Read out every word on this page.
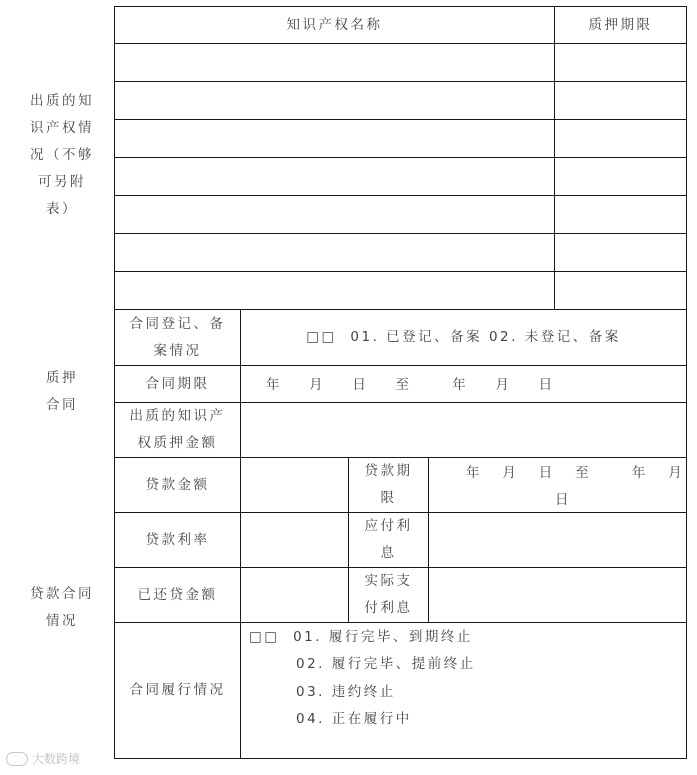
出质的知
识产权情
况（不够
可另附
表）
质押
合同
贷款合同
情况
知识产权名称	质押期限
合同登记、备
案情况
□□  01. 已登记、备案 02. 未登记、备案
合同期限	年    月    日    至      年    月    日
出质的知识产
权质押金额
贷款金额
贷款期
限
年   月   日   至      年   月
日
贷款利率
应付利
息
已还贷金额
实际支
付利息
合同履行情况
□□  01. 履行完毕、到期终止
02. 履行完毕、提前终止
03. 违约终止
04. 正在履行中
大数跨境
